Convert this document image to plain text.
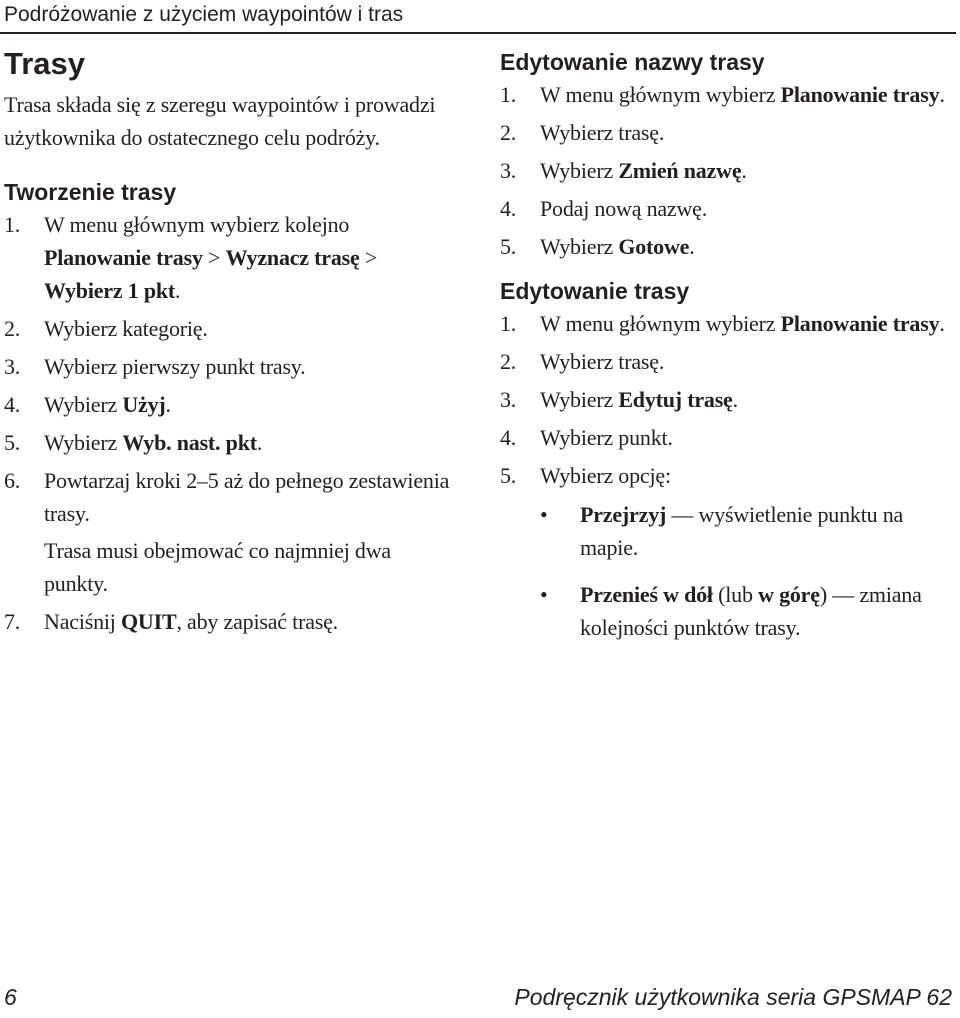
Podróżowanie z użyciem waypointów i tras
Trasy

Trasa składa się z szeregu waypointów i prowadzi użytkownika do ostatecznego celu podróży.

Tworzenie trasy
1. W menu głównym wybierz kolejno Planowanie trasy > Wyznacz trasę > Wybierz 1 pkt.
2. Wybierz kategorię.
3. Wybierz pierwszy punkt trasy.
4. Wybierz Użyj.
5. Wybierz Wyb. nast. pkt.
6. Powtarzaj kroki 2–5 aż do pełnego zestawienia trasy.
Trasa musi obejmować co najmniej dwa punkty.
7. Naciśnij QUIT, aby zapisać trasę.
Edytowanie nazwy trasy
1. W menu głównym wybierz Planowanie trasy.
2. Wybierz trasę.
3. Wybierz Zmień nazwę.
4. Podaj nową nazwę.
5. Wybierz Gotowe.
Edytowanie trasy
1. W menu głównym wybierz Planowanie trasy.
2. Wybierz trasę.
3. Wybierz Edytuj trasę.
4. Wybierz punkt.
5. Wybierz opcję:
• Przejrzyj — wyświetlenie punktu na mapie.
• Przenieś w dół (lub w górę) — zmiana kolejności punktów trasy.
6	Podręcznik użytkownika seria GPSMAP 62
